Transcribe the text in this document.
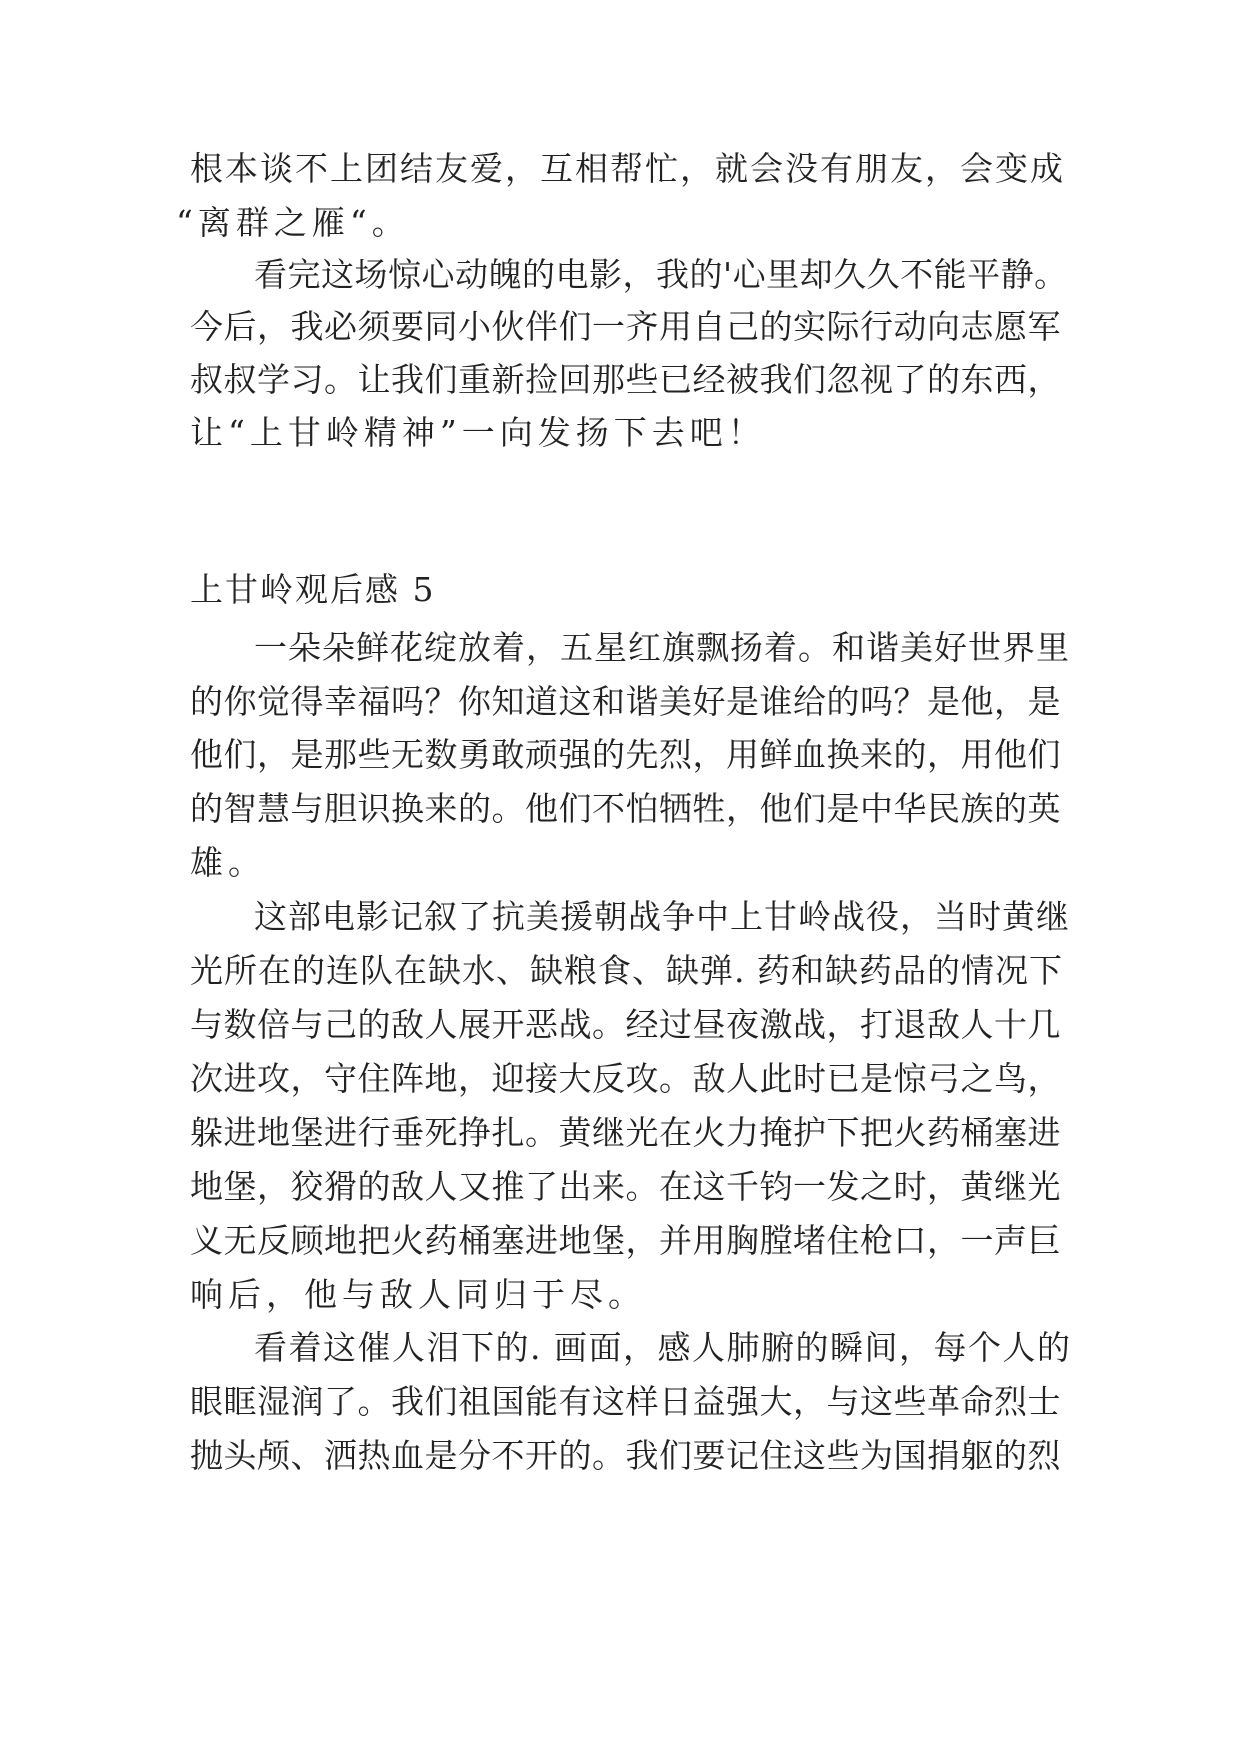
根本谈不上团结友爱，互相帮忙，就会没有朋友，会变成
“离群之雁“。
看完这场惊心动魄的电影，我的'心里却久久不能平静。
今后，我必须要同小伙伴们一齐用自己的实际行动向志愿军
叔叔学习。让我们重新捡回那些已经被我们忽视了的东西，
让“上甘岭精神”一向发扬下去吧！
上甘岭观后感 5
一朵朵鲜花绽放着，五星红旗飘扬着。和谐美好世界里
的你觉得幸福吗？你知道这和谐美好是谁给的吗？是他，是
他们，是那些无数勇敢顽强的先烈，用鲜血换来的，用他们
的智慧与胆识换来的。他们不怕牺牲，他们是中华民族的英
雄。
这部电影记叙了抗美援朝战争中上甘岭战役，当时黄继
光所在的连队在缺水、缺粮食、缺弹. 药和缺药品的情况下
与数倍与己的敌人展开恶战。经过昼夜激战，打退敌人十几
次进攻，守住阵地，迎接大反攻。敌人此时已是惊弓之鸟，
躲进地堡进行垂死挣扎。黄继光在火力掩护下把火药桶塞进
地堡，狡猾的敌人又推了出来。在这千钧一发之时，黄继光
义无反顾地把火药桶塞进地堡，并用胸膛堵住枪口，一声巨
响后，他与敌人同归于尽。
看着这催人泪下的. 画面，感人肺腑的瞬间，每个人的
眼眶湿润了。我们祖国能有这样日益强大，与这些革命烈士
抛头颅、洒热血是分不开的。我们要记住这些为国捐躯的烈
